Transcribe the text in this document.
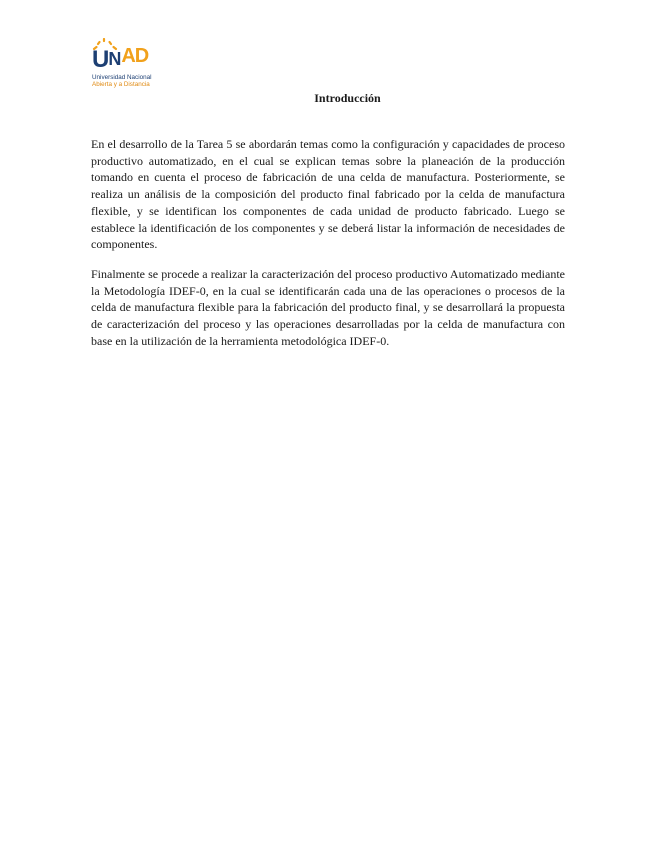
$UN^{AD}$
Universidad Nacional
Abierta y a Distancia
Introducción

En el desarrollo de la Tarea 5 se abordarán temas como la configuración y capacidades de proceso productivo automatizado, en el cual se explican temas sobre la planeación de la producción tomando en cuenta el proceso de fabricación de una celda de manufactura. Posteriormente, se realiza un análisis de la composición del producto final fabricado por la celda de manufactura flexible, y se identifican los componentes de cada unidad de producto fabricado. Luego se establece la identificación de los componentes y se deberá listar la información de necesidades de componentes.

Finalmente se procede a realizar la caracterización del proceso productivo Automatizado mediante la Metodología IDEF-0, en la cual se identificarán cada una de las operaciones o procesos de la celda de manufactura flexible para la fabricación del producto final, y se desarrollará la propuesta de caracterización del proceso y las operaciones desarrolladas por la celda de manufactura con base en la utilización de la herramienta metodológica IDEF-0.
